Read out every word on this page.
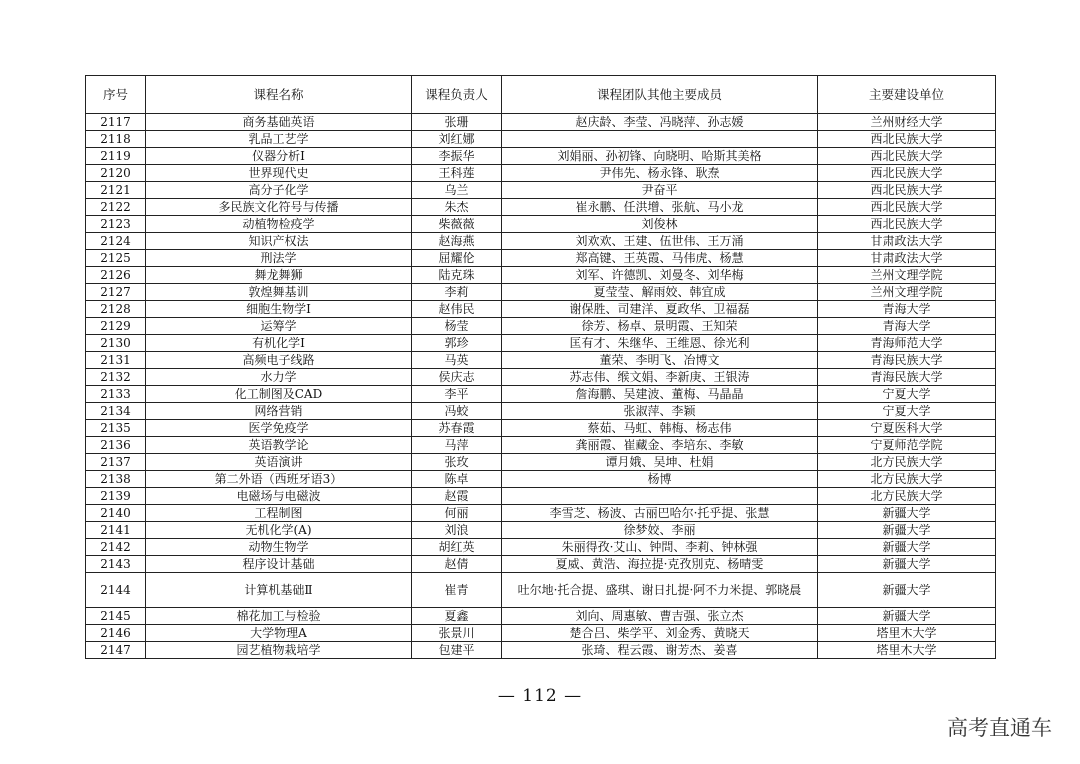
序号	课程名称	课程负责人	课程团队其他主要成员	主要建设单位
2117	商务基础英语	张珊	赵庆龄、李莹、冯晓萍、孙志媛	兰州财经大学
2118	乳品工艺学	刘红娜		西北民族大学
2119	仪器分析Ⅰ	李振华	刘娟丽、孙初锋、向晓明、哈斯其美格	西北民族大学
2120	世界现代史	王科莲	尹伟先、杨永锋、耿焘	西北民族大学
2121	高分子化学	乌兰	尹奋平	西北民族大学
2122	多民族文化符号与传播	朱杰	崔永鹏、任洪增、张航、马小龙	西北民族大学
2123	动植物检疫学	柴薇薇	刘俊林	西北民族大学
2124	知识产权法	赵海燕	刘欢欢、王建、伍世伟、王万涌	甘肃政法大学
2125	刑法学	屈耀伦	郑高键、王英霞、马伟虎、杨慧	甘肃政法大学
2126	舞龙舞狮	陆克珠	刘军、许德凯、刘曼冬、刘华梅	兰州文理学院
2127	敦煌舞基训	李莉	夏莹莹、解雨姣、韩宜成	兰州文理学院
2128	细胞生物学Ⅰ	赵伟民	谢保胜、司建洋、夏政华、卫福磊	青海大学
2129	运筹学	杨莹	徐芳、杨卓、景明霞、王知荣	青海大学
2130	有机化学Ⅰ	郭珍	匡有才、朱继华、王维恩、徐光利	青海师范大学
2131	高频电子线路	马英	董荣、李明飞、冶博文	青海民族大学
2132	水力学	侯庆志	苏志伟、缑文娟、李新庚、王银涛	青海民族大学
2133	化工制图及CAD	李平	詹海鹏、吴建波、董梅、马晶晶	宁夏大学
2134	网络营销	冯蛟	张淑萍、李颖	宁夏大学
2135	医学免疫学	苏春霞	蔡茹、马虹、韩梅、杨志伟	宁夏医科大学
2136	英语教学论	马萍	龚丽霞、崔藏金、李培东、李敏	宁夏师范学院
2137	英语演讲	张玫	谭月娥、吴坤、杜娟	北方民族大学
2138	第二外语（西班牙语3）	陈卓	杨博	北方民族大学
2139	电磁场与电磁波	赵霞		北方民族大学
2140	工程制图	何丽	李雪芝、杨波、古丽巴哈尔·托乎提、张慧	新疆大学
2141	无机化学(A)	刘浪	徐梦姣、李丽	新疆大学
2142	动物生物学	胡红英	朱丽得孜·艾山、钟問、李莉、钟林强	新疆大学
2143	程序设计基础	赵倩	夏威、黄浩、海拉提·克孜別克、杨晴雯	新疆大学
2144	计算机基础Ⅱ	崔青	吐尔地·托合提、盛琪、谢日扎提·阿不力米提、郭晓晨	新疆大学
2145	棉花加工与检验	夏鑫	刘向、周惠敏、曹吉强、张立杰	新疆大学
2146	大学物理A	张景川	楚合吕、柴学平、刘金秀、黄晓天	塔里木大学
2147	园艺植物栽培学	包建平	张琦、程云霞、谢芳杰、姜喜	塔里木大学
— 112 —
高考直通车
